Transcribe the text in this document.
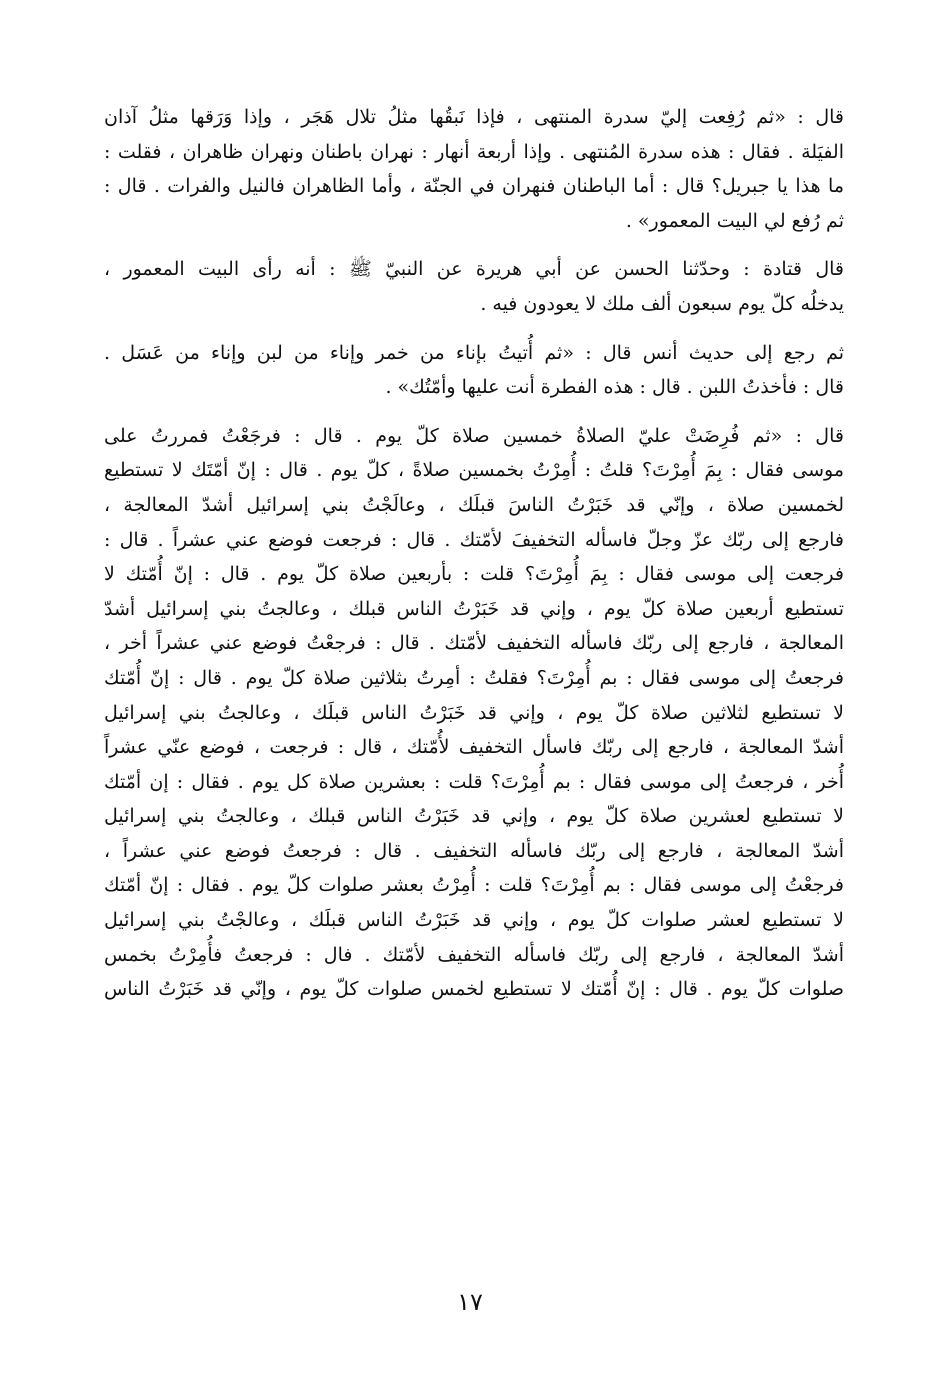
قال : «ثم رُفِعت إليّ سدرة المنتهى ، فإذا نَبقُها مثلُ تلال هَجَر ، وإذا وَرَقها مثلُ آذان
الفيَلة . فقال : هذه سدرة المُنتهى . وإذا أربعة أنهار : نهران باطنان ونهران ظاهران ، فقلت :
ما هذا يا جبريل؟ قال : أما الباطنان فنهران في الجنّة ، وأما الظاهران فالنيل والفرات . قال :
ثم رُفع لي البيت المعمور» .
قال قتادة : وحدّثنا الحسن عن أبي هريرة عن النبيّ ﷺ : أنه رأى البيت المعمور ،
يدخلُه كلّ يوم سبعون ألف ملك لا يعودون فيه .
ثم رجع إلى حديث أنس قال : «ثم أُتيتُ بإناء من خمر وإناء من لبن وإناء من عَسَل .
قال : فأخذتُ اللبن . قال : هذه الفطرة أنت عليها وأمّتُك» .
قال : «ثم فُرِضَتْ عليّ الصلاةُ خمسين صلاة كلّ يوم . قال : فرجَعْتُ فمررتُ على
موسى فقال : بِمَ أُمِرْتَ؟ قلتُ : أُمِرْتُ بخمسين صلاةً ، كلّ يوم . قال : إنّ أمّتَك لا تستطيع
لخمسين صلاة ، وإنّي قد خَبَرْتُ الناسَ قبلَك ، وعالَجْتُ بني إسرائيل أشدّ المعالجة ،
فارجع إلى ربّك عزّ وجلّ فاسأله التخفيفَ لأمّتك . قال : فرجعت فوضع عني عشراً . قال :
فرجعت إلى موسى فقال : بِمَ أُمِرْتَ؟ قلت : بأربعين صلاة كلّ يوم . قال : إنّ أُمّتك لا
تستطيع أربعين صلاة كلّ يوم ، وإني قد خَبَرْتُ الناس قبلك ، وعالجتُ بني إسرائيل أشدّ
المعالجة ، فارجع إلى ربّك فاسأله التخفيف لأمّتك . قال : فرجعْتُ فوضع عني عشراً أخر ،
فرجعتُ إلى موسى فقال : بم أُمِرْتَ؟ فقلتُ : أمِرتُ بثلاثين صلاة كلّ يوم . قال : إنّ أُمّتك
لا تستطيع لثلاثين صلاة كلّ يوم ، وإني قد خَبَرْتُ الناس قبلَك ، وعالجتُ بني إسرائيل
أشدّ المعالجة ، فارجع إلى ربّك فاسأل التخفيف لأُمّتك ، قال : فرجعت ، فوضع عنّي عشراً
أُخر ، فرجعتُ إلى موسى فقال : بم أُمِرْتَ؟ قلت : بعشرين صلاة كل يوم . فقال : إن أمّتك
لا تستطيع لعشرين صلاة كلّ يوم ، وإني قد خَبَرْتُ الناس قبلك ، وعالجتُ بني إسرائيل
أشدّ المعالجة ، فارجع إلى ربّك فاسأله التخفيف . قال : فرجعتُ فوضع عني عشراً ،
فرجعْتُ إلى موسى فقال : بم أُمِرْتَ؟ قلت : أُمِرْتُ بعشر صلوات كلّ يوم . فقال : إنّ أمّتك
لا تستطيع لعشر صلوات كلّ يوم ، وإني قد خَبَرْتُ الناس قبلَك ، وعالجْتُ بني إسرائيل
أشدّ المعالجة ، فارجع إلى ربّك فاسأله التخفيف لأمّتك . فال : فرجعتُ فأُمِرْتُ بخمس
صلوات كلّ يوم . قال : إنّ أُمّتك لا تستطيع لخمس صلوات كلّ يوم ، وإنّي قد خَبَرْتُ الناس
١٧
